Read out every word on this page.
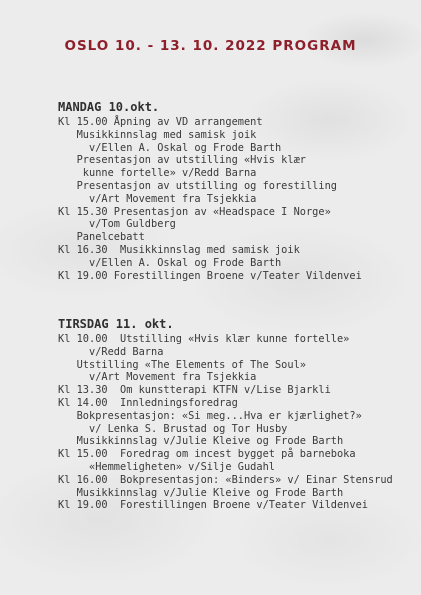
OSLO 10. - 13. 10. 2022 PROGRAM
MANDAG 10.okt.
Kl 15.00 Åpning av VD arrangement
Musikkinnslag med samisk joik
v/Ellen A. Oskal og Frode Barth
Presentasjon av utstilling «Hvis klær
kunne fortelle» v/Redd Barna
Presentasjon av utstilling og forestilling
v/Art Movement fra Tsjekkia
Kl 15.30 Presentasjon av «Headspace I Norge»
v/Tom Guldberg
Panelcebatt
Kl 16.30  Musikkinnslag med samisk joik
v/Ellen A. Oskal og Frode Barth
Kl 19.00 Forestillingen Broene v/Teater Vildenvei
TIRSDAG 11. okt.
Kl 10.00  Utstilling «Hvis klær kunne fortelle»
v/Redd Barna
Utstilling «The Elements of The Soul»
v/Art Movement fra Tsjekkia
Kl 13.30  Om kunstterapi KTFN v/Lise Bjarkli
Kl 14.00  Innledningsforedrag
Bokpresentasjon: «Si meg...Hva er kjærlighet?»
v/ Lenka S. Brustad og Tor Husby
Musikkinnslag v/Julie Kleive og Frode Barth
Kl 15.00  Foredrag om incest bygget på barneboka
«Hemmeligheten» v/Silje Gudahl
Kl 16.00  Bokpresentasjon: «Binders» v/ Einar Stensrud
Musikkinnslag v/Julie Kleive og Frode Barth
Kl 19.00  Forestillingen Broene v/Teater Vildenvei
